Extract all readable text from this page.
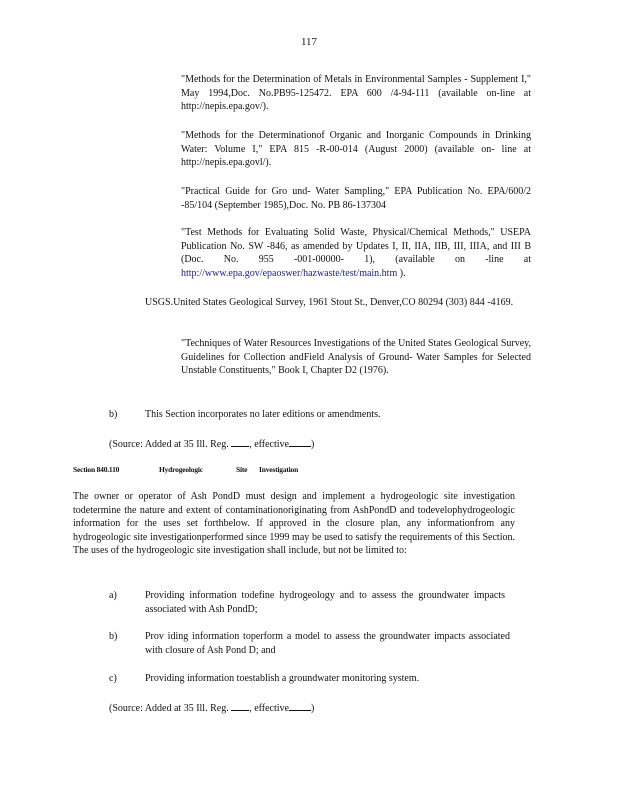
117
"Methods for the Determination of Metals in Environmental Samples - Supplement I," May 1994,Doc. No.PB95-125472. EPA 600 /4-94-111 (available on-line at http://nepis.epa.gov/).
"Methods for the Determinationof Organic and Inorganic Compounds in Drinking Water: Volume I," EPA 815 -R-00-014 (August 2000) (available on- line at http://nepis.epa.govl/).
"Practical Guide for Gro und- Water Sampling," EPA Publication No. EPA/600/2 -85/104 (September 1985),Doc. No. PB 86-137304
"Test Methods for Evaluating Solid Waste, Physical/Chemical Methods," USEPA Publication No. SW -846, as amended by Updates I, II, IIA, IIB, III, IIIA, and III B (Doc. No. 955 -001-00000- 1), (available on -line at http://www.epa.gov/epaoswer/hazwaste/test/main.htm ).
USGS.United States Geological Survey, 1961 Stout St., Denver,CO 80294 (303) 844 -4169.
"Techniques of Water Resources Investigations of the United States Geological Survey, Guidelines for Collection andField Analysis of Ground- Water Samples for Selected Unstable Constituents," Book I, Chapter D2 (1976).
b)	This Section incorporates no later editions or amendments.
(Source: Added at 35 Ill. Reg. , effective )
Section 840.110	Hydrogeologic	Site Investigation
The owner or operator of Ash PondD must design and implement a hydrogeologic site investigation todetermine the nature and extent of contaminationoriginating from AshPondD and todevelophydrogeologic information for the uses set forthbelow. If approved in the closure plan, any informationfrom any hydrogeologic site investigationperformed since 1999 may be used to satisfy the requirements of this Section. The uses of the hydrogeologic site investigation shall include, but not be limited to:
a)	Providing information todefine hydrogeology and to assess the groundwater impacts associated with Ash PondD;
b)	Prov iding information toperform a model to assess the groundwater impacts associated with closure of Ash Pond D; and
c)	Providing information toestablish a groundwater monitoring system.
(Source: Added at 35 Ill. Reg. , effective )
